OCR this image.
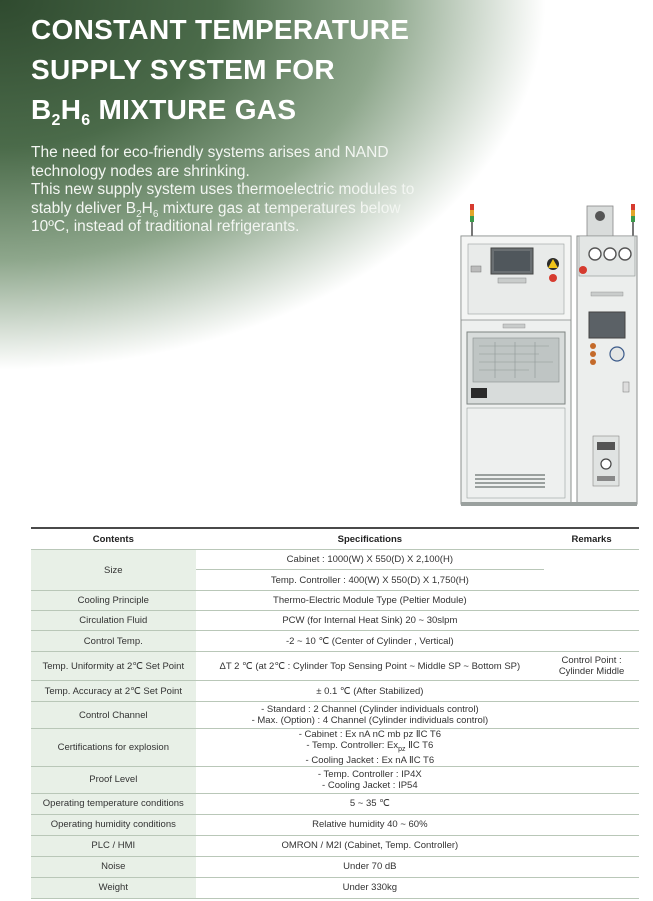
CONSTANT TEMPERATURE
SUPPLY SYSTEM FOR
$B_2H_6$ MIXTURE GAS

The need for eco-friendly systems arises and NAND technology nodes are shrinking.

This new supply system uses thermoelectric modules to stably deliver $B_2H_6$ mixture gas at temperatures below 10ºC, instead of traditional refrigerants.

Contents	Specifications	Remarks
Size	Cabinet : 1000(W) X 550(D) X 2,100(H)	
	Temp. Controller : 400(W) X 550(D) X 1,750(H)	
Cooling Principle	Thermo-Electric Module Type (Peltier Module)	
Circulation Fluid	PCW (for Internal Heat Sink) 20 ~ 30slpm	
Control Temp.	-2 ~ 10 ℃ (Center of Cylinder , Vertical)	
Temp. Uniformity at 2℃ Set Point	ΔT 2 ℃ (at 2℃ : Cylinder Top Sensing Point ~ Middle SP ~ Bottom SP)	Control Point :
Cylinder Middle

Temp. Accuracy at 2℃ Set Point	± 0.1 ℃ (After Stabilized)	
Control Channel	- Standard : 2 Channel (Cylinder individuals control)
- Max. (Option) : 4 Channel (Cylinder individuals control)	

Certifications for explosion	- Cabinet : Ex nA nC mb pz ⅡC T6
- Temp. Controller: $Ex_{pz}$ ⅡC T6
- Cooling Jacket : Ex nA ⅡC T6	

Proof Level	- Temp. Controller : IP4X
- Cooling Jacket : IP54	

Operating temperature conditions	5 ~ 35 ℃	
Operating humidity conditions	Relative humidity 40 ~ 60%	
PLC / HMI	OMRON / M2I (Cabinet, Temp. Controller)	
Noise	Under 70 dB	
Weight	Under 330kg	
